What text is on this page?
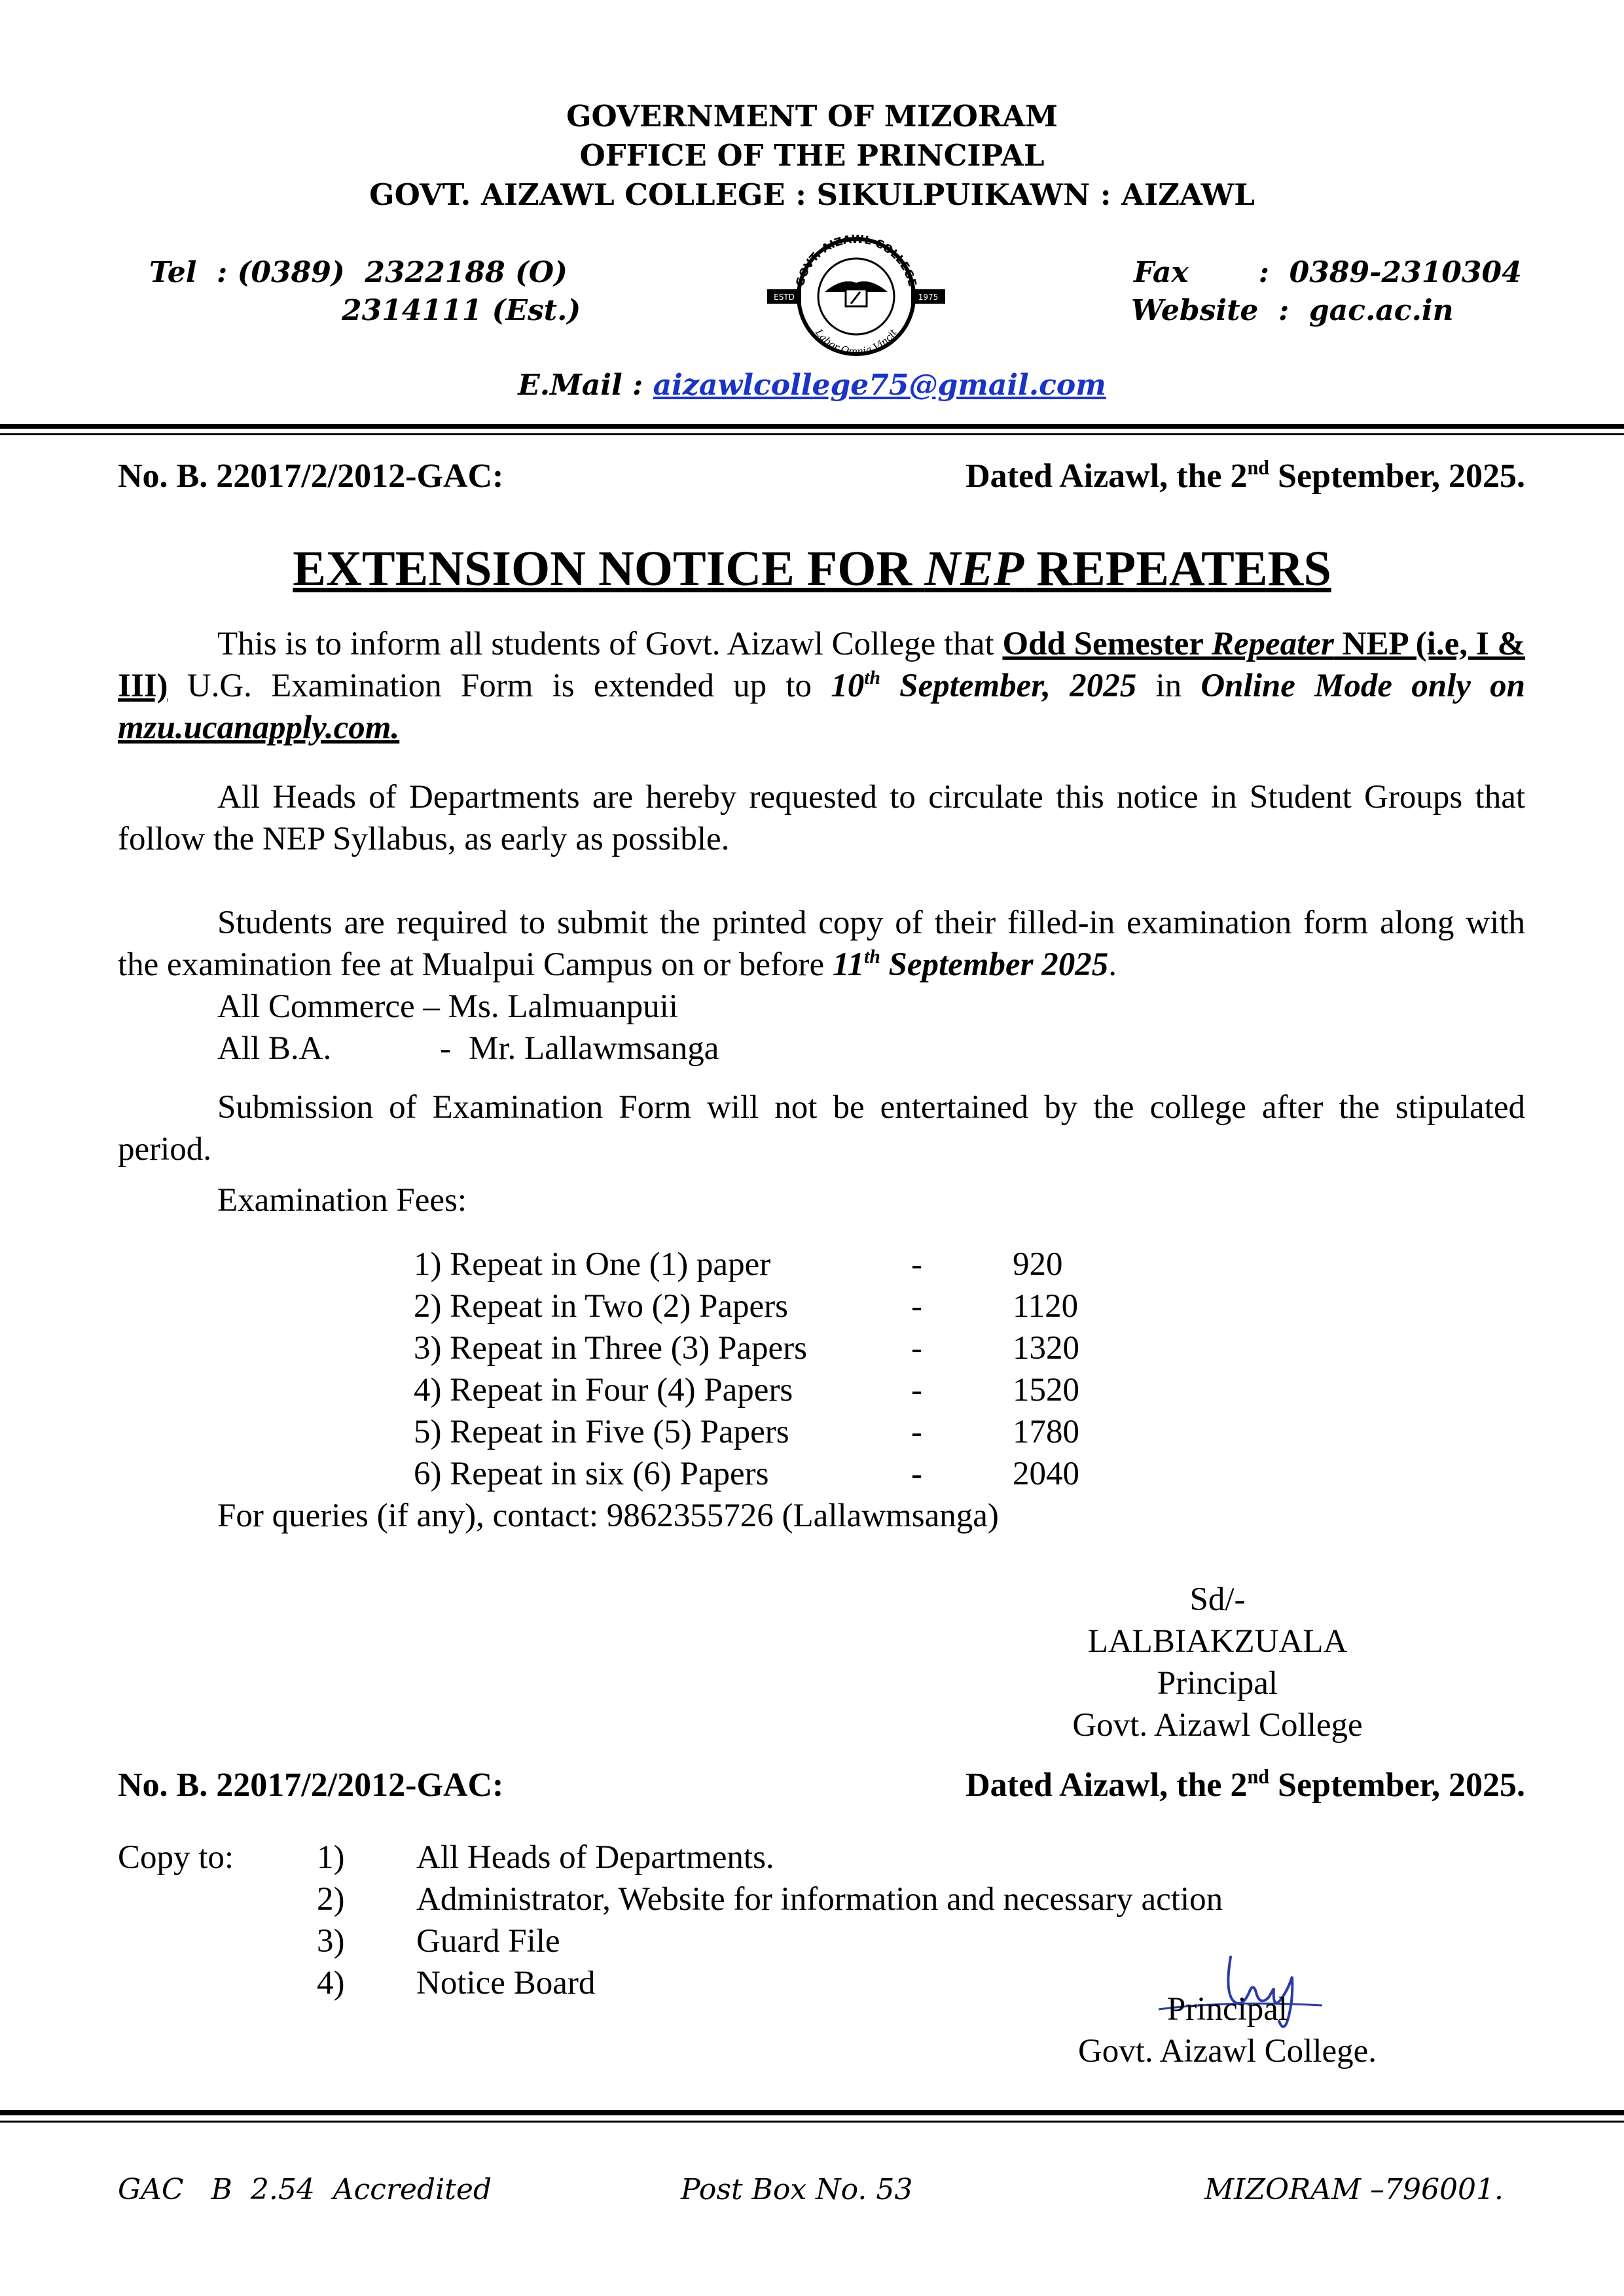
GOVERNMENT OF MIZORAM
OFFICE OF THE PRINCIPAL
GOVT. AIZAWL COLLEGE : SIKULPUIKAWN : AIZAWL
Tel  : (0389)  2322188 (O)
2314111 (Est.)
Fax       :  0389-2310304
Website  :  gac.ac.in
GOVT. AIZAWL COLLEGE
Labor Omnia Vincit
ESTD	1975
E.Mail : aizawlcollege75@gmail.com
No. B. 22017/2/2012-GAC:	Dated Aizawl, the 2nd September, 2025.
EXTENSION NOTICE FOR NEP REPEATERS
This is to inform all students of Govt. Aizawl College that Odd Semester Repeater NEP (i.e, I & III) U.G. Examination Form is extended up to 10th September, 2025 in Online Mode only on mzu.ucanapply.com.
All Heads of Departments are hereby requested to circulate this notice in Student Groups that follow the NEP Syllabus, as early as possible.
Students are required to submit the printed copy of their filled-in examination form along with the examination fee at Mualpui Campus on or before 11th September 2025.
All Commerce – Ms. Lalmuanpuii
All B.A.	- Mr. Lallawmsanga
Submission of Examination Form will not be entertained by the college after the stipulated period.
Examination Fees:
1) Repeat in One (1) paper	-	920
2) Repeat in Two (2) Papers	-	1120
3) Repeat in Three (3) Papers	-	1320
4) Repeat in Four (4) Papers	-	1520
5) Repeat in Five (5) Papers	-	1780
6) Repeat in six (6) Papers	-	2040
For queries (if any), contact: 9862355726 (Lallawmsanga)
Sd/-
LALBIAKZUALA
Principal
Govt. Aizawl College
No. B. 22017/2/2012-GAC:	Dated Aizawl, the 2nd September, 2025.
Copy to: 1) All Heads of Departments.
2) Administrator, Website for information and necessary action
3) Guard File
4) Notice Board
Principal
Govt. Aizawl College.
GAC   B  2.54  Accredited	Post Box No. 53	MIZORAM –796001.
